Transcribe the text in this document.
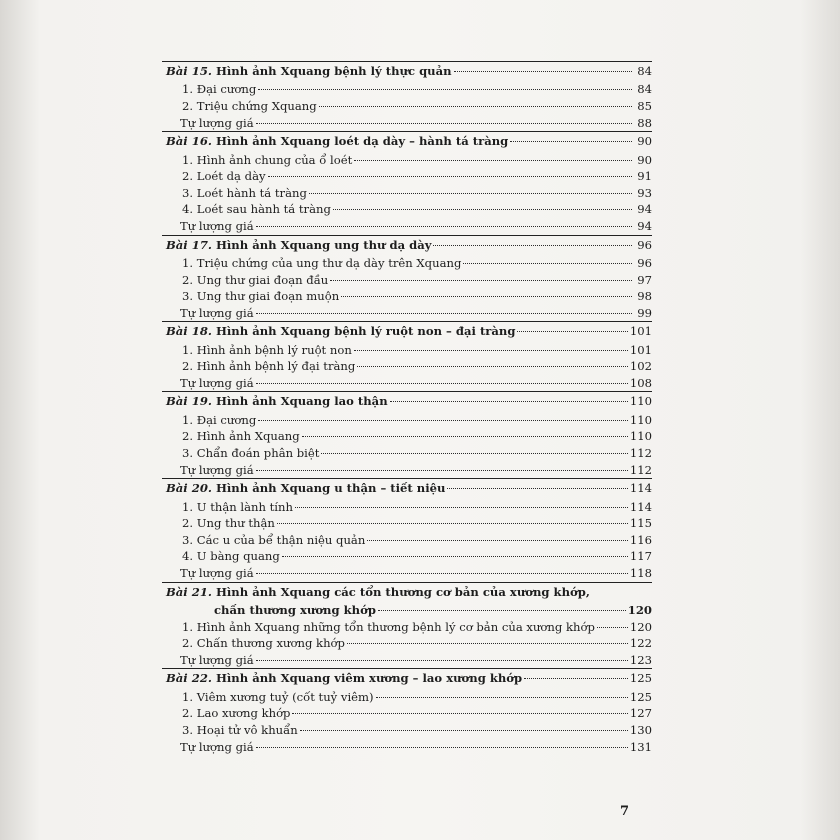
Bài 15. Hình ảnh Xquang bệnh lý thực quản	84
1. Đại cương	84
2. Triệu chứng Xquang	85
Tự lượng giá	88
Bài 16. Hình ảnh Xquang loét dạ dày – hành tá tràng	90
1. Hình ảnh chung của ổ loét	90
2. Loét dạ dày	91
3. Loét hành tá tràng	93
4. Loét sau hành tá tràng	94
Tự lượng giá	94
Bài 17. Hình ảnh Xquang ung thư dạ dày	96
1. Triệu chứng của ung thư dạ dày trên Xquang	96
2. Ung thư giai đoạn đầu	97
3. Ung thư giai đoạn muộn	98
Tự lượng giá	99
Bài 18. Hình ảnh Xquang bệnh lý ruột non – đại tràng	101
1. Hình ảnh bệnh lý ruột non	101
2. Hình ảnh bệnh lý đại tràng	102
Tự lượng giá	108
Bài 19. Hình ảnh Xquang lao thận	110
1. Đại cương	110
2. Hình ảnh Xquang	110
3. Chẩn đoán phân biệt	112
Tự lượng giá	112
Bài 20. Hình ảnh Xquang u thận – tiết niệu	114
1. U thận lành tính	114
2. Ung thư thận	115
3. Các u của bể thận niệu quản	116
4. U bàng quang	117
Tự lượng giá	118
Bài 21. Hình ảnh Xquang các tổn thương cơ bản của xương khớp,
chấn thương xương khớp	120
1. Hình ảnh Xquang những tổn thương bệnh lý cơ bản của xương khớp	120
2. Chấn thương xương khớp	122
Tự lượng giá	123
Bài 22. Hình ảnh Xquang viêm xương – lao xương khớp	125
1. Viêm xương tuỷ (cốt tuỷ viêm)	125
2. Lao xương khớp	127
3. Hoại tử vô khuẩn	130
Tự lượng giá	131
7
